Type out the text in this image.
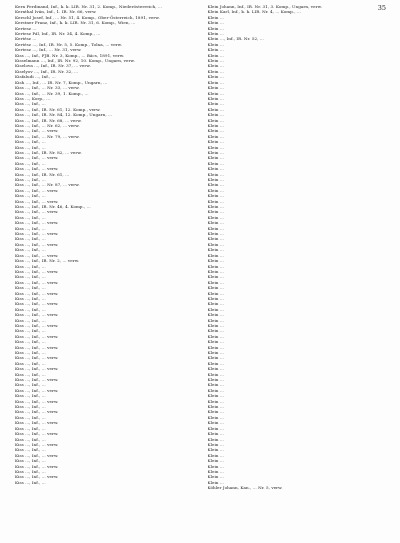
35
Kern Ferdinand, Inf., k. k. LIR. Nr. 31, 2. Komp., Niederösterreich, ...
Kernthal Iván, Inf., 1. IR. Nr. 66, verw.
Kerschl Josef, Inf., ... Nr. 51, 4. Komp., Ober-Österreich, 1891, verw.
Kerstner Franz, Inf., k. k. LIR. Nr. 31, 6. Komp., Wien, ...
Kertesz ...
Kertesz Pál, Inf., IR. Nr. 34, 4. Komp., ...
Kertész ...
Kertész ..., Inf., IR. Nr. 5, 5. Komp., Tolna, ... verw.
Kertesz ..., Inf., ... Nr. 31, verw.
Kiss ..., Inf., FJB. Nr. 3, Komp., ... Bács, 1891, verw.
Kisselmann ..., Inf., IR. Nr. 92, 10. Komp., Ungarn, verw.
Kiselova ..., Inf., IR. Nr. 37, ... verw.
Kiselyov ..., Inf., IR. Nr. 32, ...
Kisfaludi ..., Inf., ...
Kish ..., Inf., ... IR. Nr. 7, Komp., Ungarn, ...
Kiss ..., Inf., ... Nr. 33, ... verw.
Kiss ..., Inf., ... Nr. 39, 1. Komp., ...
Kiss ..., Korp., ...
Kiss ..., Inf., ...
Kiss ..., Inf., IR. Nr. 61, 12. Komp., verw.
Kiss ..., Inf., IR. Nr. 84, 12. Komp., Ungarn, ...
Kiss ..., Inf., IR. Nr. 68, ... verw.
Kiss ..., Inf., ... Nr. 62, ... verw.
Kiss ..., Inf., ... verw.
Kiss ..., Inf., ... Nr. 79, ... verw.
Kiss ..., Inf., ...
Kiss ..., Inf., ...
Kiss ..., Inf., IR. Nr. 82, ... verw.
Kiss ..., Inf., ... verw.
Kiss ..., Inf., ...
Kiss ..., Inf., ... verw.
Kiss ..., Inf., IR. Nr. 61, ...
Kiss ..., Inf., ...
Kiss ..., Inf., ... Nr. 87, ... verw.
Kiss ..., Inf., ... verw.
Kiss ..., Inf., ...
Kiss ..., Inf., ... verw.
Kiss ..., Inf., IR. Nr. 46, 4. Komp., ...
Kiss ..., Inf., ... verw.
Kiss ..., Inf., ...
Kiss ..., Inf., ... verw.
Kiss ..., Inf., ...
Kiss ..., Inf., ... verw.
Kiss ..., Inf., ...
Kiss ..., Inf., ... verw.
Kiss ..., Inf., ...
Kiss ..., Inf., ... verw.
Kiss ..., Inf., IR. Nr. 2, ... verw.
Kiss ..., Inf., ...
Kiss ..., Inf., ... verw.
Kiss ..., Inf., ...
Kiss ..., Inf., ... verw.
Kiss ..., Inf., ...
Kiss ..., Inf., ... verw.
Kiss ..., Inf., ...
Kiss ..., Inf., ... verw.
Kiss ..., Inf., ...
Kiss ..., Inf., ... verw.
Kiss ..., Inf., ...
Kiss ..., Inf., ... verw.
Kiss ..., Inf., ...
Kiss ..., Inf., ... verw.
Kiss ..., Inf., ...
Kiss ..., Inf., ... verw.
Kiss ..., Inf., ...
Kiss ..., Inf., ... verw.
Kiss ..., Inf., ...
Kiss ..., Inf., ... verw.
Kiss ..., Inf., ...
Kiss ..., Inf., ... verw.
Kiss ..., Inf., ...
Kiss ..., Inf., ... verw.
Kiss ..., Inf., ...
Kiss ..., Inf., ... verw.
Kiss ..., Inf., ...
Kiss ..., Inf., ... verw.
Kiss ..., Inf., ...
Kiss ..., Inf., ... verw.
Kiss ..., Inf., ...
Kiss ..., Inf., ... verw.
Kiss ..., Inf., ...
Kiss ..., Inf., ... verw.
Kiss ..., Inf., ...
Kiss ..., Inf., ... verw.
Kiss ..., Inf., ...
Kiss ..., Inf., ... verw.
Kiss ..., Inf., ...
Kiss ..., Inf., ... verw.
Kiss ..., Inf., ...
Klein Johann, Inf., IR. Nr. 31, 3. Komp., Ungarn, verw.
Klein Karl, Inf., k. k. LIR. Nr. 4, ... Komp., ...
Klein ...
Klein ...
Klein ...
Klein ...
Klein ..., Inf., IR. Nr. 52, ...
Klein ...
Klein ...
Klein ...
Klein ...
Klein ...
Klein ...
Klein ...
Klein ...
Klein ...
Klein ...
Klein ...
Klein ...
Klein ...
Klein ...
Klein ...
Klein ...
Klein ...
Klein ...
Klein ...
Klein ...
Klein ...
Klein ...
Klein ...
Klein ...
Klein ...
Klein ...
Klein ...
Klein ...
Klein ...
Klein ...
Klein ...
Klein ...
Klein ...
Klein ...
Klein ...
Klein ...
Klein ...
Klein ...
Klein ...
Klein ...
Klein ...
Klein ...
Klein ...
Klein ...
Klein ...
Klein ...
Klein ...
Klein ...
Klein ...
Klein ...
Klein ...
Klein ...
Klein ...
Klein ...
Klein ...
Klein ...
Klein ...
Klein ...
Klein ...
Klein ...
Klein ...
Klein ...
Klein ...
Klein ...
Klein ...
Klein ...
Klein ...
Klein ...
Klein ...
Klein ...
Klein ...
Klein ...
Klein ...
Klein ...
Klein ...
Klein ...
Klein ...
Klein ...
Klein ...
Klein ...
Klein ...
Klein ...
Köhler Johann, Kan., ... Nr. 5, verw.
